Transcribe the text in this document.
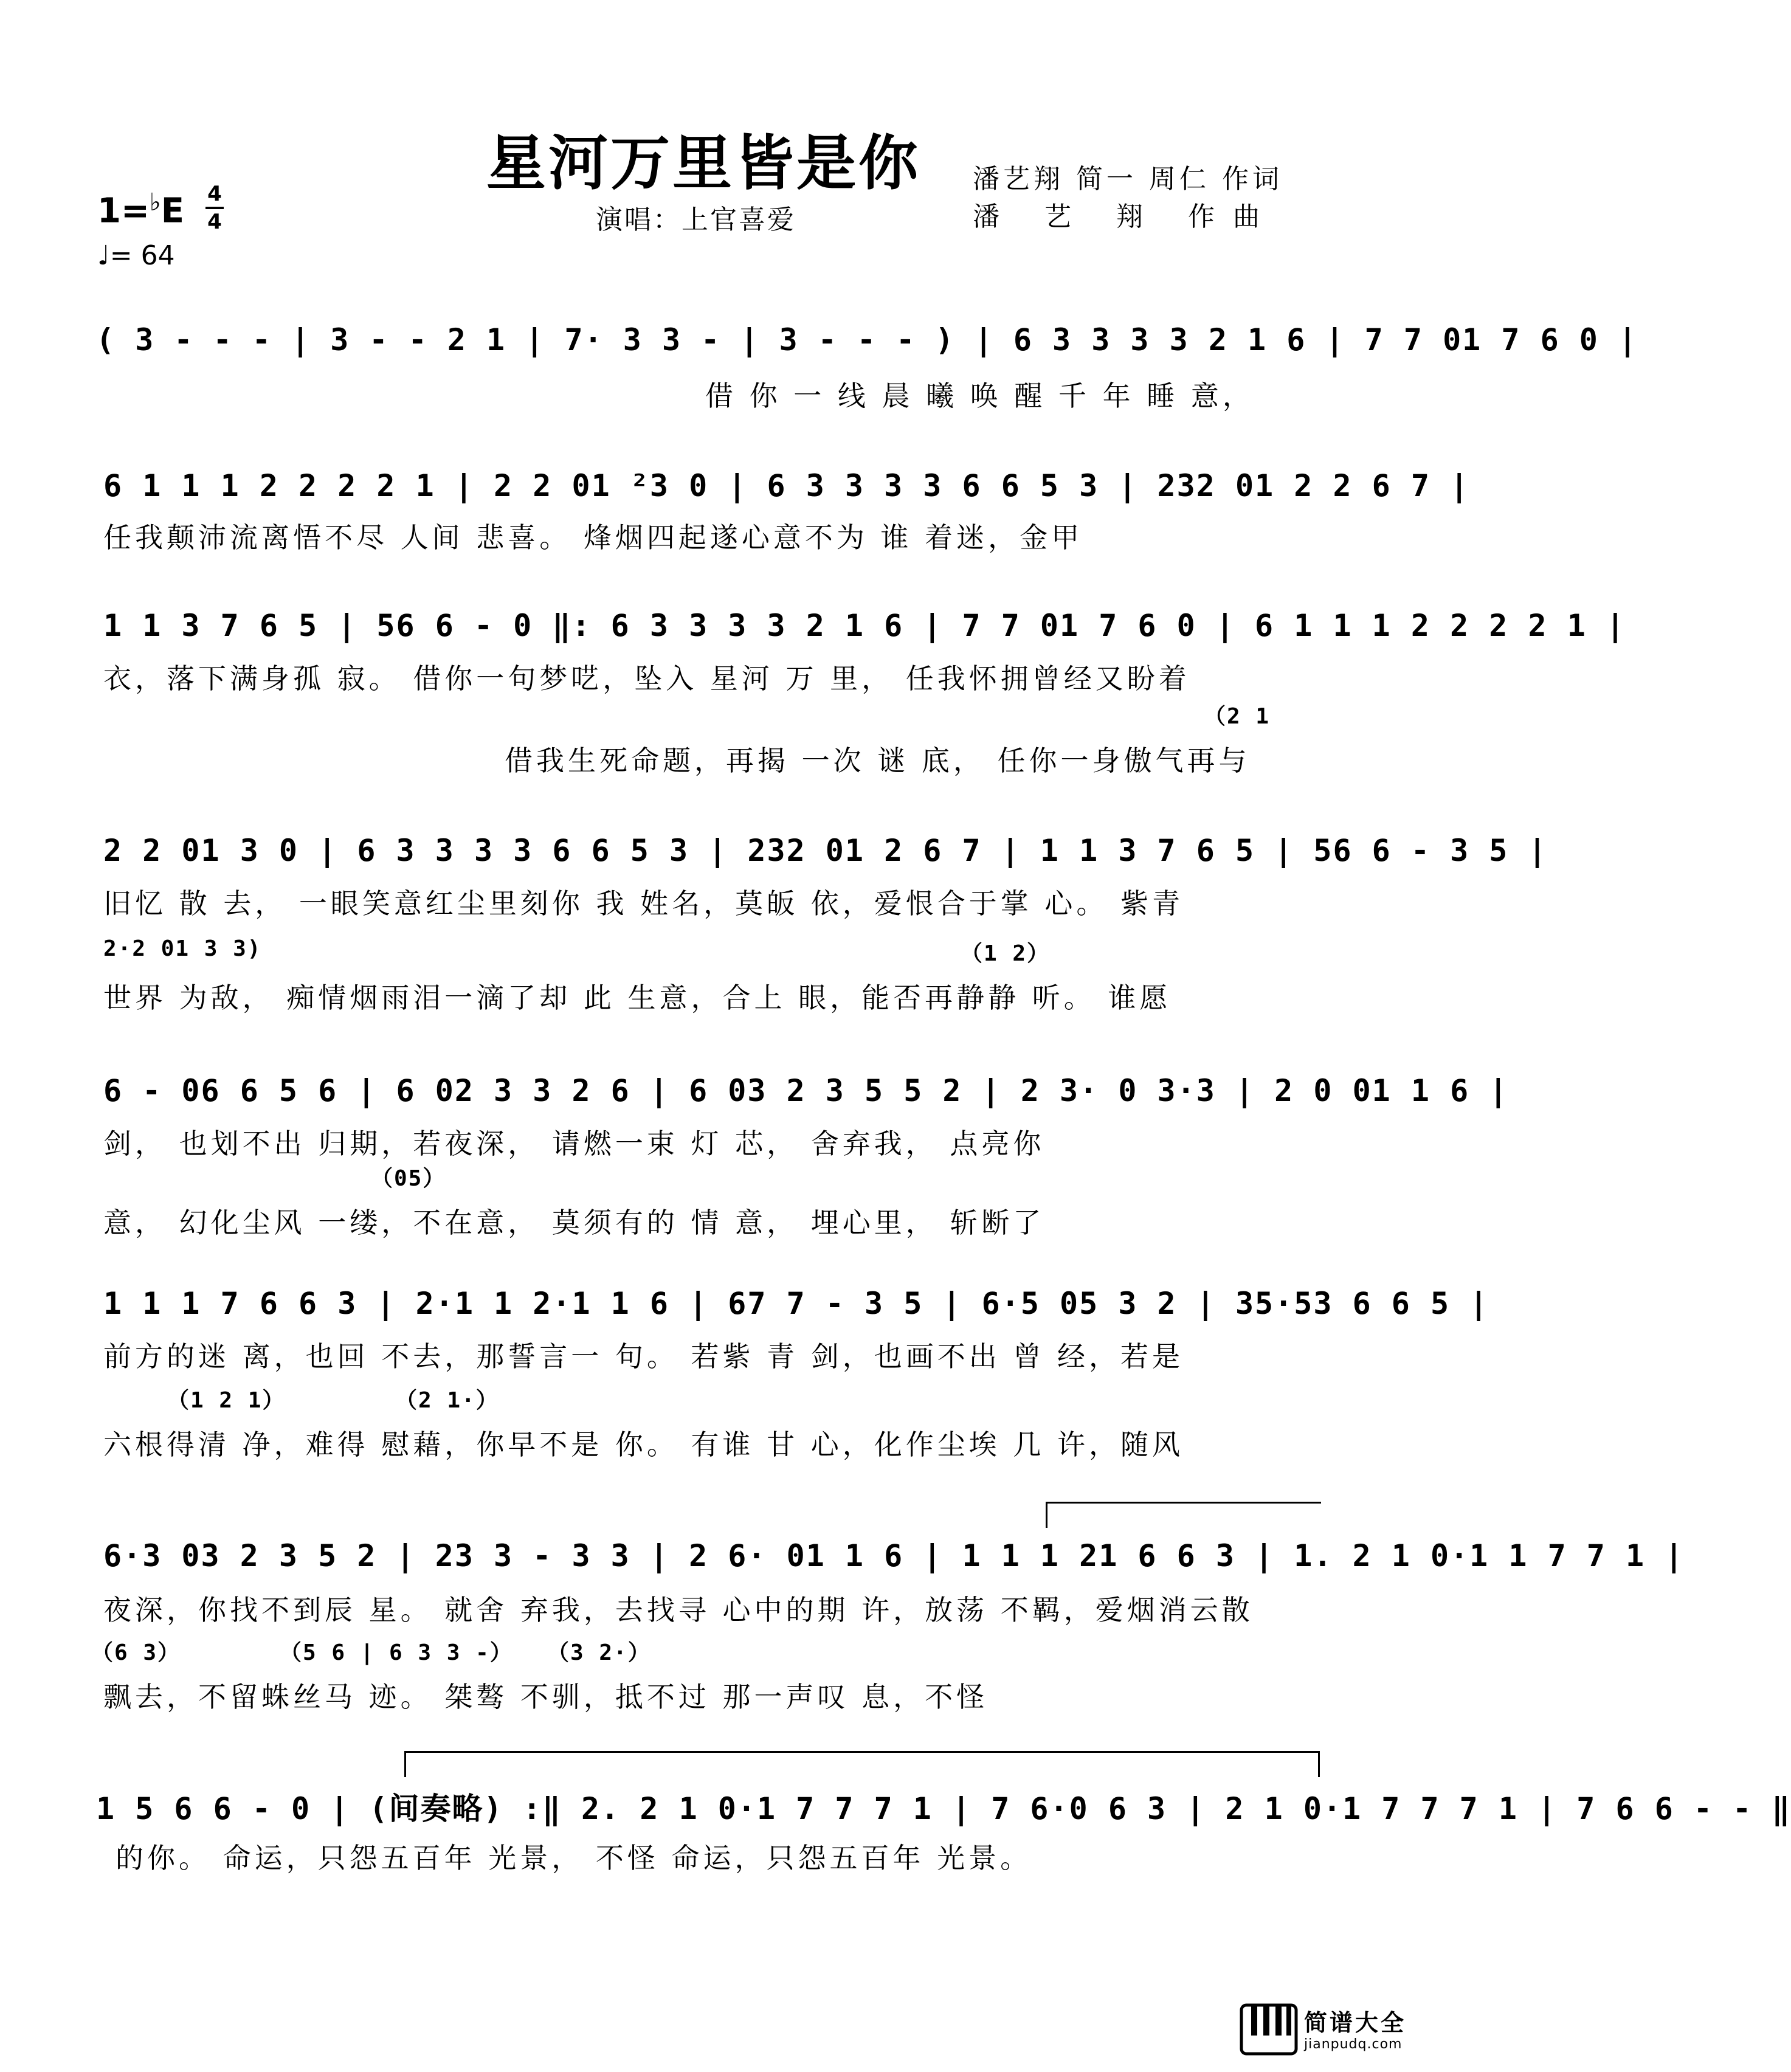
星河万里皆是你 潘艺翔 简一 周仁 作词
潘 艺 翔 作曲
演唱：上官喜爱
1=♭E 4
4
♩= 64
( 3 - - - | 3 - - 2 1 | 7· 3 3 - | 3 - - - ) | 6 3 3 3 3 2 1 6 | 7 7 01 7 6 0 |
借 你 一 线 晨 曦 唤 醒 千 年 睡 意，
6 1 1 1 2 2 2 2 1 | 2 2 01 ²3 0 | 6 3 3 3 3 6 6 5 3 | 232 01 2 2 6 7 |
任我颠沛流离悟不尽 人间 悲喜。 烽烟四起遂心意不为 谁 着迷，金甲
1 1 3 7 6 5 | 56 6 - 0 ‖: 6 3 3 3 3 2 1 6 | 7 7 01 7 6 0 | 6 1 1 1 2 2 2 2 1 |
衣，落下满身孤 寂。 借你一句梦呓，坠入 星河 万 里， 任我怀拥曾经又盼着
（2 1
借我生死命题，再揭 一次 谜 底， 任你一身傲气再与
2 2 01 3 0 | 6 3 3 3 3 6 6 5 3 | 232 01 2 6 7 | 1 1 3 7 6 5 | 56 6 - 3 5 |
旧忆 散 去， 一眼笑意红尘里刻你 我 姓名，莫皈 依，爱恨合于掌 心。 紫青
2·2 01 3 3)	（1 2）
世界 为敌， 痴情烟雨泪一滴了却 此 生意，合上 眼，能否再静静 听。 谁愿
6 - 06 6 5 6 | 6 02 3 3 2 6 | 6 03 2 3 5 5 2 | 2 3· 0 3·3 | 2 0 01 1 6 |
剑， 也划不出 归期，若夜深， 请燃一束 灯 芯， 舍弃我， 点亮你
（05）
意， 幻化尘风 一缕，不在意， 莫须有的 情 意， 埋心里， 斩断了
1 1 1 7 6 6 3 | 2·1 1 2·1 1 6 | 67 7 - 3 5 | 6·5 05 3 2 | 35·53 6 6 5 |
前方的迷 离，也回 不去，那誓言一 句。 若紫 青 剑，也画不出 曾 经，若是
（1 2 1）	（2 1·）
六根得清 净，难得 慰藉，你早不是 你。 有谁 甘 心，化作尘埃 几 许，随风
6·3 03 2 3 5 2 | 23 3 - 3 3 | 2 6· 01 1 6 | 1 1 1 21 6 6 3 | 1. 2 1 0·1 1 7 7 1 |
夜深，你找不到辰 星。 就舍 弃我，去找寻 心中的期 许，放荡 不羁，爱烟消云散
（6 3）	（5 6 | 6 3 3 -） （3 2·）
飘去，不留蛛丝马 迹。 桀骜 不驯，抵不过 那一声叹 息，不怪
1 5 6 6 - 0 | (间奏略) :‖ 2. 2 1 0·1 7 7 7 1 | 7 6·0 6 3 | 2 1 0·1 7 7 7 1 | 7 6 6 - - ‖
的你。 命运，只怨五百年 光景， 不怪 命运，只怨五百年 光景。
简谱大全
jianpudq.com
